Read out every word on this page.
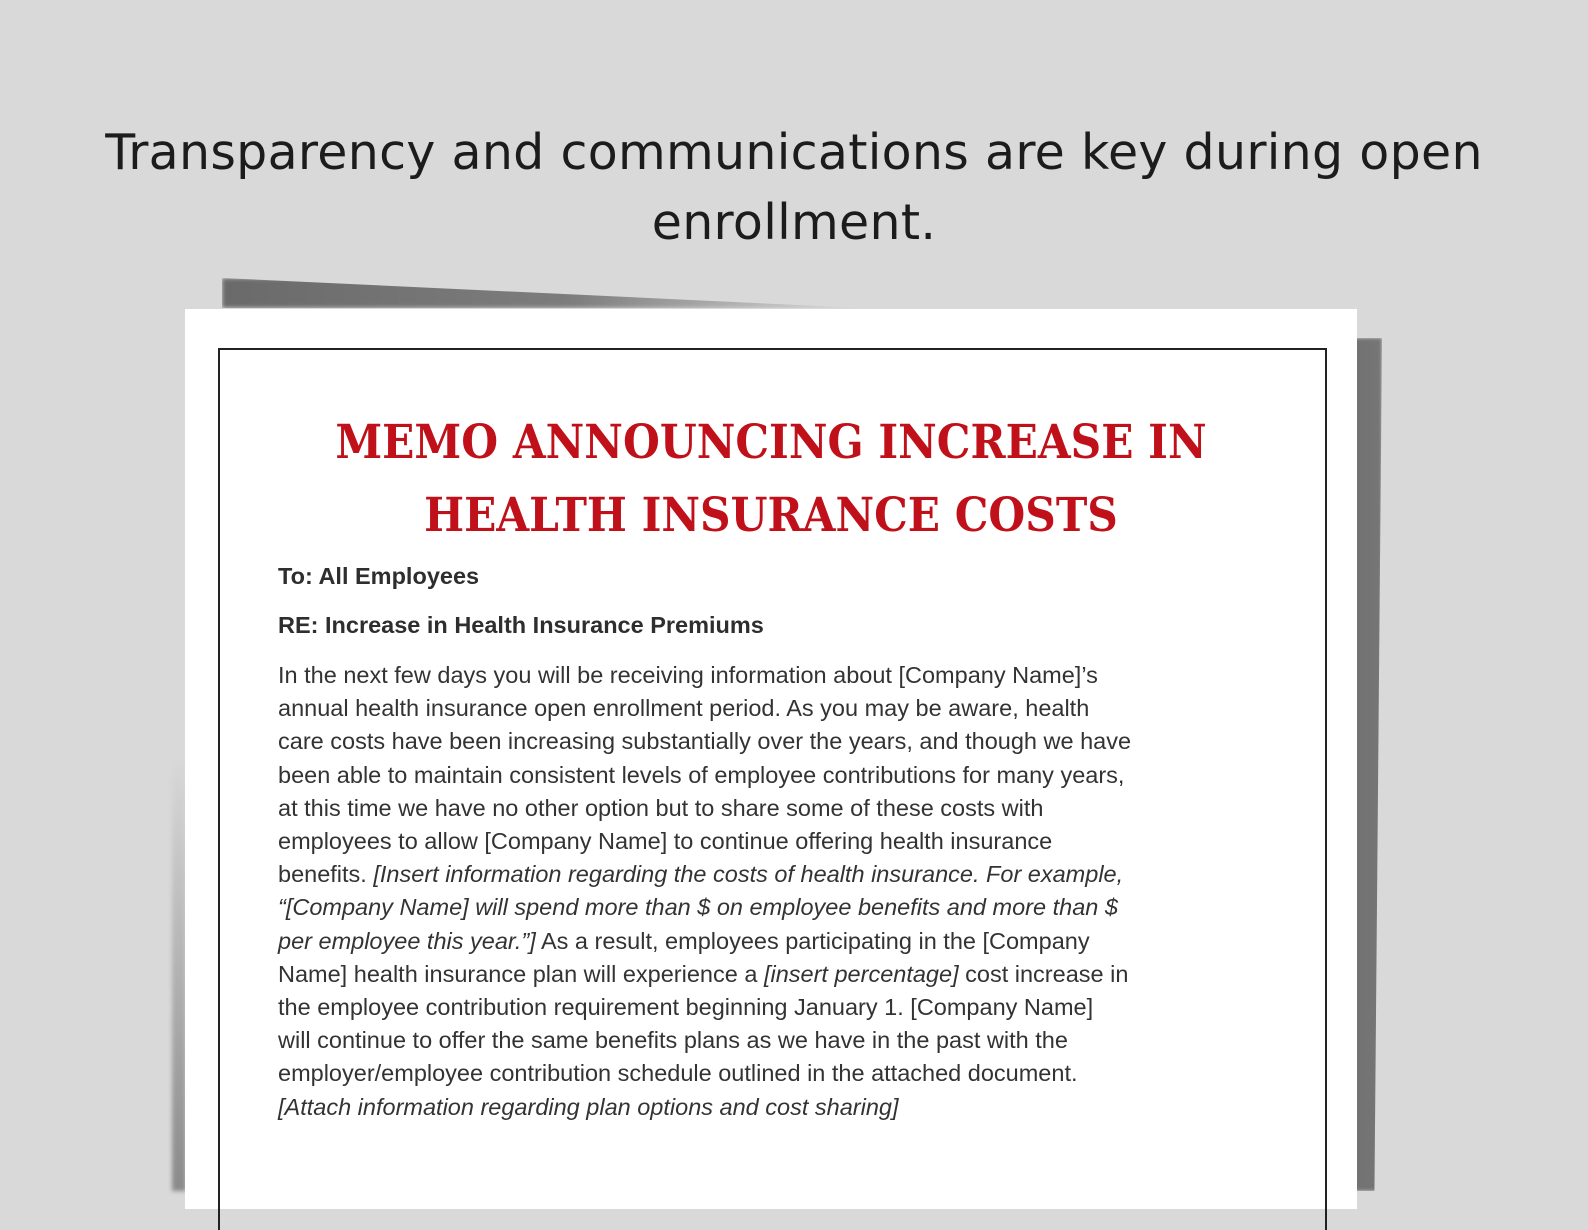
Transparency and communications are key during open
enrollment.
MEMO ANNOUNCING INCREASE IN
HEALTH INSURANCE COSTS
To: All Employees
RE: Increase in Health Insurance Premiums
In the next few days you will be receiving information about [Company Name]’s
annual health insurance open enrollment period. As you may be aware, health
care costs have been increasing substantially over the years, and though we have
been able to maintain consistent levels of employee contributions for many years,
at this time we have no other option but to share some of these costs with
employees to allow [Company Name] to continue offering health insurance
benefits. [Insert information regarding the costs of health insurance. For example,
“[Company Name] will spend more than $ on employee benefits and more than $
per employee this year.”] As a result, employees participating in the [Company
Name] health insurance plan will experience a [insert percentage] cost increase in
the employee contribution requirement beginning January 1. [Company Name]
will continue to offer the same benefits plans as we have in the past with the
employer/employee contribution schedule outlined in the attached document.
[Attach information regarding plan options and cost sharing]
